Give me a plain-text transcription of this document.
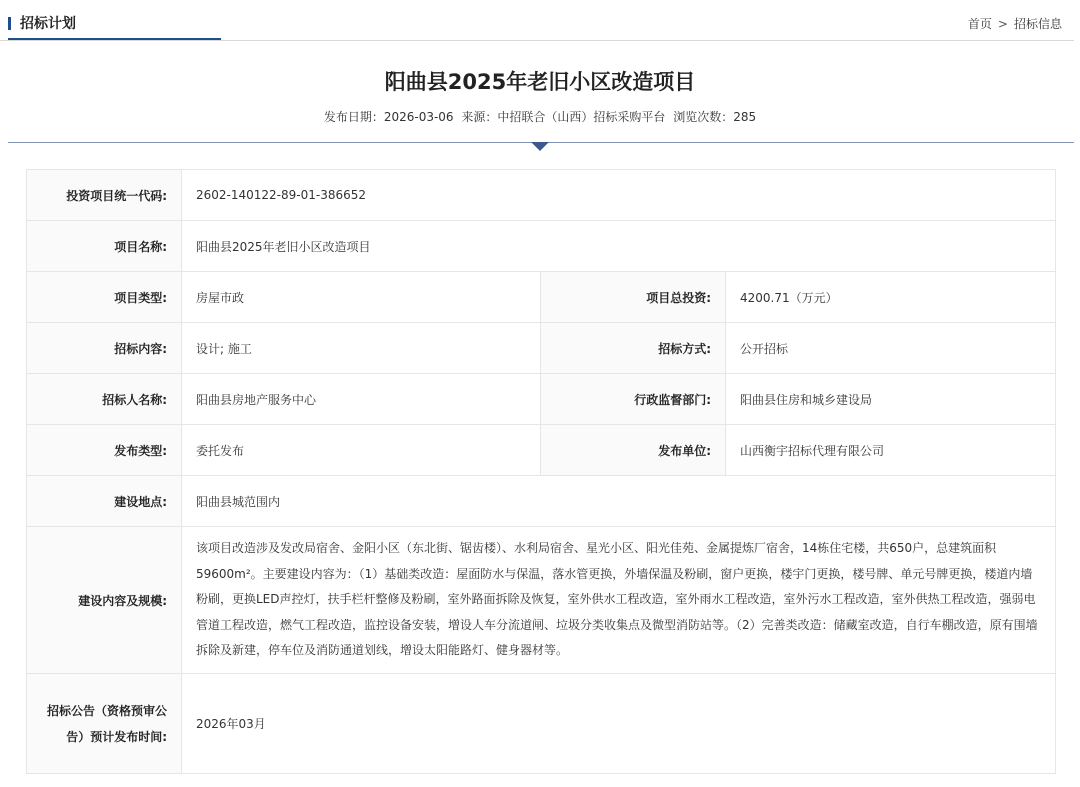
招标计划	首页 > 招标信息
阳曲县2025年老旧小区改造项目
发布日期：2026-03-06 来源：中招联合（山西）招标采购平台 浏览次数：285
投资项目统一代码:	2602-140122-89-01-386652		
项目名称:	阳曲县2025年老旧小区改造项目		
项目类型:	房屋市政	项目总投资:	4200.71（万元）
招标内容:	设计; 施工	招标方式:	公开招标
招标人名称:	阳曲县房地产服务中心	行政监督部门:	阳曲县住房和城乡建设局
发布类型:	委托发布	发布单位:	山西衡宇招标代理有限公司
建设地点:	阳曲县城范围内		
建设内容及规模:	该项目改造涉及发改局宿舍、金阳小区（东北街、锯齿楼）、水利局宿舍、星光小区、阳光佳苑、金属提炼厂宿舍，14栋住宅楼，共650户，总建筑面积59600m²。主要建设内容为：（1）基础类改造：屋面防水与保温，落水管更换，外墙保温及粉刷，窗户更换，楼宇门更换，楼号牌、单元号牌更换，楼道内墙粉刷，更换LED声控灯，扶手栏杆整修及粉刷，室外路面拆除及恢复，室外供水工程改造，室外雨水工程改造，室外污水工程改造，室外供热工程改造，强弱电管道工程改造，燃气工程改造，监控设备安装，增设人车分流道闸、垃圾分类收集点及微型消防站等。（2）完善类改造：储藏室改造，自行车棚改造，原有围墙拆除及新建，停车位及消防通道划线，增设太阳能路灯、健身器材等。		
招标公告（资格预审公告）预计发布时间:	2026年03月		
